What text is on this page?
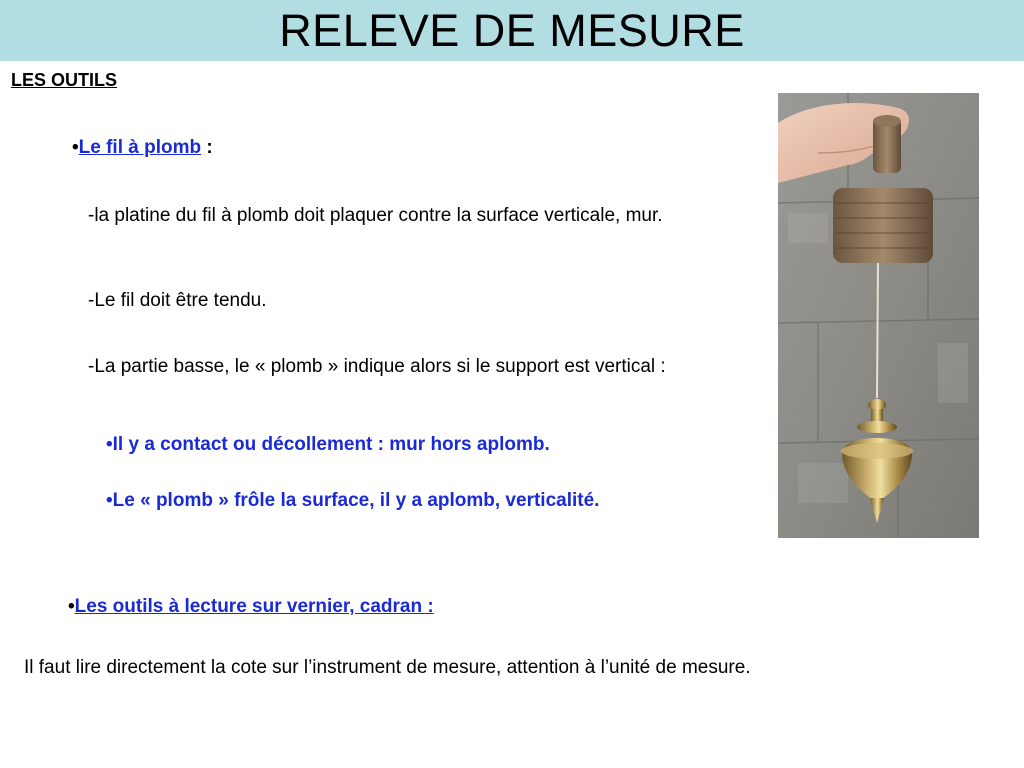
RELEVE DE MESURE
LES OUTILS
•Le fil à plomb :
-la platine du fil à plomb doit plaquer contre la surface verticale, mur.
-Le fil doit être tendu.
-La partie basse, le « plomb » indique alors si le support est vertical :
•Il y a contact ou décollement : mur hors aplomb.
•Le « plomb » frôle la surface, il y a aplomb, verticalité.
•Les outils à lecture sur vernier, cadran :
Il faut lire directement la cote sur l’instrument de mesure, attention à l’unité de mesure.
